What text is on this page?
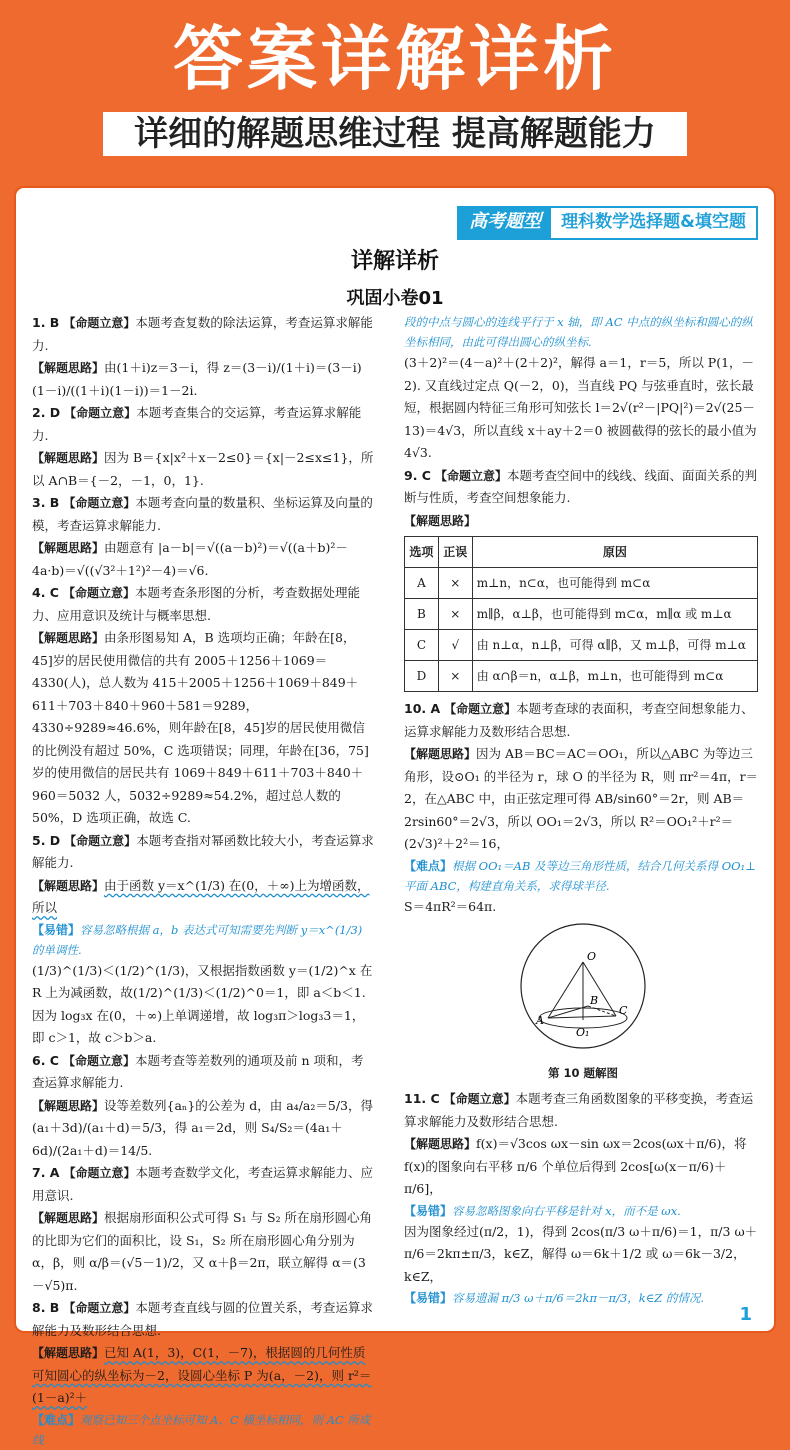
答案详解详析
详细的解题思维过程 提高解题能力
高考题型	理科数学选择题&填空题
详解详析
巩固小卷01

1. B 【命题立意】本题考查复数的除法运算，考查运算求解能力.
【解题思路】由(1＋i)z＝3－i，得 z＝(3－i)/(1＋i)＝(3－i)(1－i)/((1＋i)(1－i))＝1－2i.

2. D 【命题立意】本题考查集合的交运算，考查运算求解能力.
【解题思路】因为 B＝{x|x²＋x－2≤0}＝{x|－2≤x≤1}，所以 A∩B＝{－2，－1，0，1}.

3. B 【命题立意】本题考查向量的数量积、坐标运算及向量的模，考查运算求解能力.
【解题思路】由题意有 |a－b|＝√((a－b)²)＝√((a＋b)²－4a·b)＝√((√3²＋1²)²－4)＝√6.

4. C 【命题立意】本题考查条形图的分析，考查数据处理能力、应用意识及统计与概率思想.
【解题思路】由条形图易知 A，B 选项均正确；年龄在[8，45]岁的居民使用微信的共有 2005＋1256＋1069＝4330(人)，总人数为 415＋2005＋1256＋1069＋849＋611＋703＋840＋960＋581＝9289，4330÷9289≈46.6%，则年龄在[8，45]岁的居民使用微信的比例没有超过 50%，C 选项错误；同理，年龄在[36，75]岁的使用微信的居民共有 1069＋849＋611＋703＋840＋960＝5032 人，5032÷9289≈54.2%，超过总人数的 50%，D 选项正确，故选 C.

5. D 【命题立意】本题考查指对幂函数比较大小，考查运算求解能力.
【解题思路】由于函数 y＝x^(1/3) 在(0，＋∞)上为增函数，所以

【易错】容易忽略根据 a，b 表达式可知需要先判断 y＝x^(1/3) 的单调性.

(1/3)^(1/3)＜(1/2)^(1/3)，又根据指数函数 y＝(1/2)^x 在 R 上为减函数，故(1/2)^(1/3)＜(1/2)^0＝1，即 a＜b＜1. 因为 log₃x 在(0，＋∞)上单调递增，故 log₃π＞log₃3＝1，即 c＞1，故 c＞b＞a.

6. C 【命题立意】本题考查等差数列的通项及前 n 项和，考查运算求解能力.
【解题思路】设等差数列{aₙ}的公差为 d，由 a₄/a₂＝5/3，得 (a₁＋3d)/(a₁＋d)＝5/3，得 a₁＝2d，则 S₄/S₂＝(4a₁＋6d)/(2a₁＋d)＝14/5.

7. A 【命题立意】本题考查数学文化，考查运算求解能力、应用意识.
【解题思路】根据扇形面积公式可得 S₁ 与 S₂ 所在扇形圆心角的比即为它们的面积比，设 S₁，S₂ 所在扇形圆心角分别为 α，β，则 α/β＝(√5－1)/2，又 α＋β＝2π，联立解得 α＝(3－√5)π.

8. B 【命题立意】本题考查直线与圆的位置关系，考查运算求解能力及数形结合思想.
【解题思路】已知 A(1，3)，C(1，－7)，根据圆的几何性质可知圆心的纵坐标为－2，设圆心坐标 P 为(a，－2)，则 r²＝(1－a)²＋

【难点】观察已知三个点坐标可知 A、C 横坐标相同，则 AC 所成线

段的中点与圆心的连线平行于 x 轴，即 AC 中点的纵坐标和圆心的纵坐标相同，由此可得出圆心的纵坐标.

(3＋2)²＝(4－a)²＋(2＋2)²，解得 a＝1，r＝5，所以 P(1，－2). 又直线过定点 Q(－2，0)，当直线 PQ 与弦垂直时，弦长最短，根据圆内特征三角形可知弦长 l＝2√(r²－|PQ|²)＝2√(25－13)＝4√3，所以直线 x＋ay＋2＝0 被圆截得的弦长的最小值为 4√3.

9. C 【命题立意】本题考查空间中的线线、线面、面面关系的判断与性质，考查空间想象能力.
【解题思路】

选项	正误	原因
A	×	m⊥n，n⊂α，也可能得到 m⊂α
B	×	m∥β，α⊥β，也可能得到 m⊂α，m∥α 或 m⊥α
C	√	由 n⊥α，n⊥β，可得 α∥β，又 m⊥β，可得 m⊥α
D	×	由 α∩β＝n，α⊥β，m⊥n，也可能得到 m⊂α

10. A 【命题立意】本题考查球的表面积，考查空间想象能力、运算求解能力及数形结合思想.
【解题思路】因为 AB＝BC＝AC＝OO₁，所以△ABC 为等边三角形，设⊙O₁ 的半径为 r，球 O 的半径为 R，则 πr²＝4π，r＝2，在△ABC 中，由正弦定理可得 AB/sin60°＝2r，则 AB＝2rsin60°＝2√3，所以 OO₁＝2√3，所以 R²＝OO₁²＋r²＝(2√3)²＋2²＝16，

【难点】根据 OO₁＝AB 及等边三角形性质，结合几何关系得 OO₁⊥平面 ABC，构建直角关系，求得球半径.

S＝4πR²＝64π.

O
A
B
C
O₁
第 10 题解图

11. C 【命题立意】本题考查三角函数图象的平移变换，考查运算求解能力及数形结合思想.
【解题思路】f(x)＝√3cos ωx－sin ωx＝2cos(ωx＋π/6)，将 f(x)的图象向右平移 π/6 个单位后得到 2cos[ω(x－π/6)＋π/6]，

【易错】容易忽略图象向右平移是针对 x，而不是 ωx.

因为图象经过(π/2，1)，得到 2cos(π/3 ω＋π/6)＝1，π/3 ω＋π/6＝2kπ±π/3，k∈Z，解得 ω＝6k＋1/2 或 ω＝6k－3/2，k∈Z，

【易错】容易遗漏 π/3 ω＋π/6＝2kπ－π/3，k∈Z 的情况.

1
